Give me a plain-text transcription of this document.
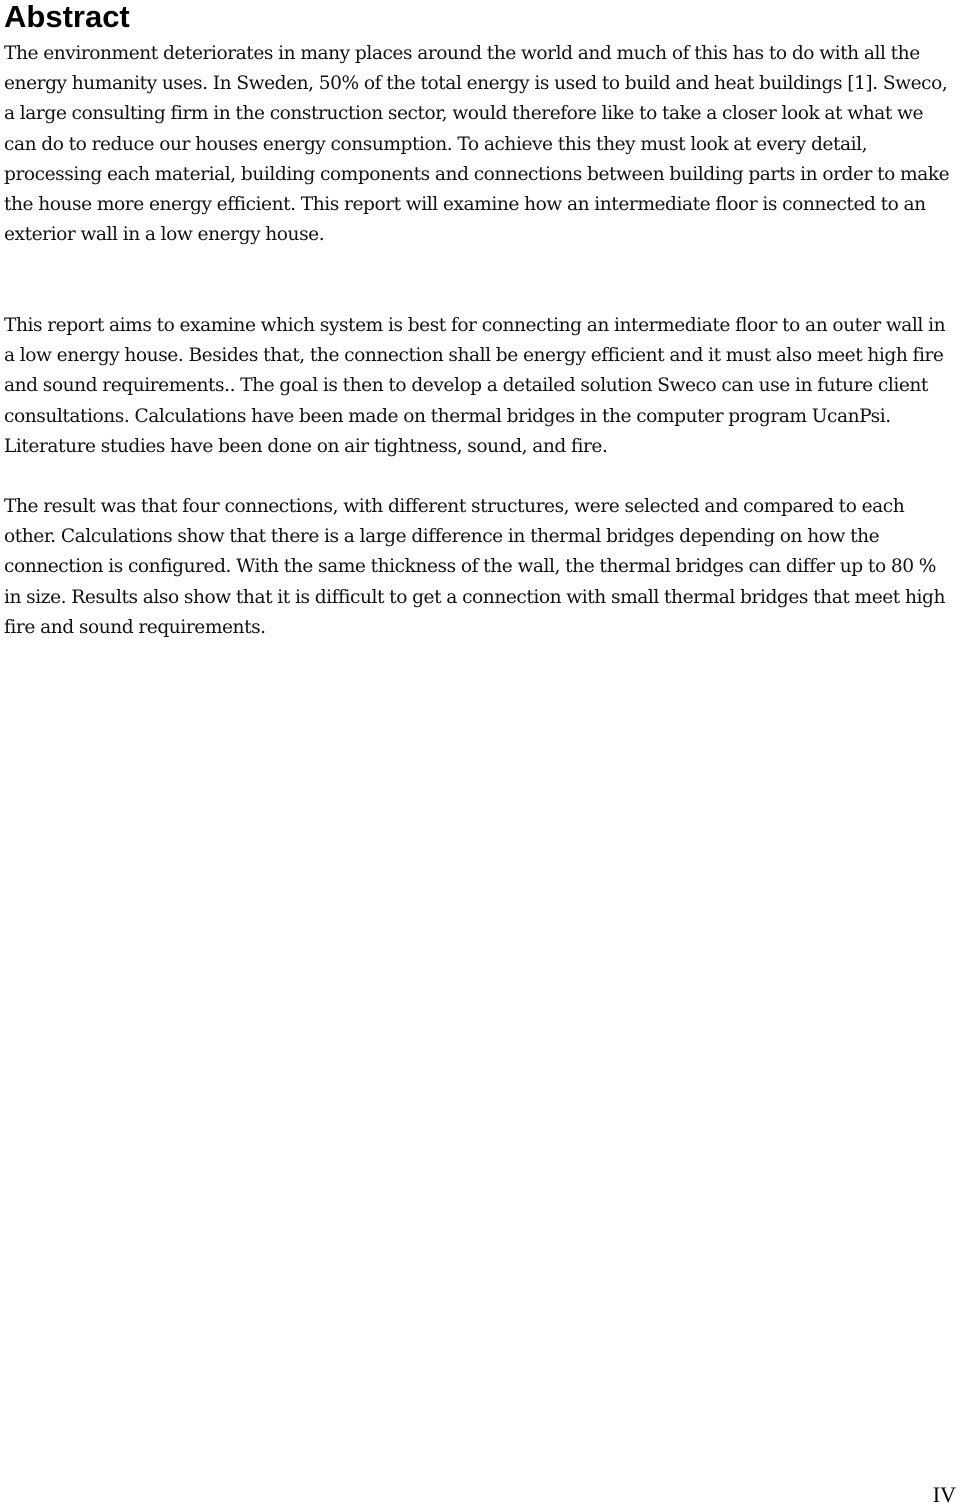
Abstract

The environment deteriorates in many places around the world and much of this has to do with all the energy humanity uses. In Sweden, 50% of the total energy is used to build and heat buildings [1]. Sweco, a large consulting firm in the construction sector, would therefore like to take a closer look at what we can do to reduce our houses energy consumption. To achieve this they must look at every detail, processing each material, building components and connections between building parts in order to make the house more energy efficient. This report will examine how an intermediate floor is connected to an exterior wall in a low energy house.

This report aims to examine which system is best for connecting an intermediate floor to an outer wall in a low energy house. Besides that, the connection shall be energy efficient and it must also meet high fire and sound requirements.. The goal is then to develop a detailed solution Sweco can use in future client consultations. Calculations have been made on thermal bridges in the computer program UcanPsi. Literature studies have been done on air tightness, sound, and fire.

The result was that four connections, with different structures, were selected and compared to each other. Calculations show that there is a large difference in thermal bridges depending on how the connection is configured. With the same thickness of the wall, the thermal bridges can differ up to 80 % in size. Results also show that it is difficult to get a connection with small thermal bridges that meet high fire and sound requirements.

IV
